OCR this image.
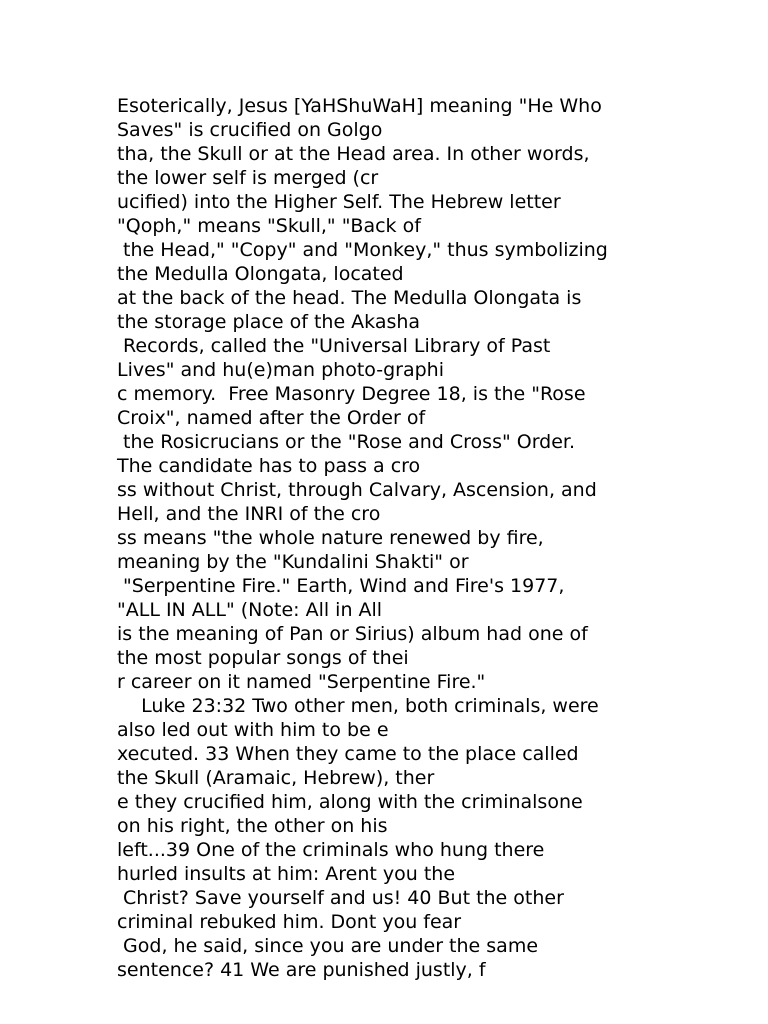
Esoterically, Jesus [YaHShuWaH] meaning "He Who
Saves" is crucified on Golgo
tha, the Skull or at the Head area. In other words,
the lower self is merged (cr
ucified) into the Higher Self. The Hebrew letter
"Qoph," means "Skull," "Back of
the Head," "Copy" and "Monkey," thus symbolizing
the Medulla Olongata, located
at the back of the head. The Medulla Olongata is
the storage place of the Akasha
Records, called the "Universal Library of Past
Lives" and hu(e)man photo-graphi
c memory.  Free Masonry Degree 18, is the "Rose
Croix", named after the Order of
the Rosicrucians or the "Rose and Cross" Order.
The candidate has to pass a cro
ss without Christ, through Calvary, Ascension, and
Hell, and the INRI of the cro
ss means "the whole nature renewed by fire,
meaning by the "Kundalini Shakti" or
"Serpentine Fire." Earth, Wind and Fire's 1977,
"ALL IN ALL" (Note: All in All
is the meaning of Pan or Sirius) album had one of
the most popular songs of thei
r career on it named "Serpentine Fire."
Luke 23:32 Two other men, both criminals, were
also led out with him to be e
xecuted. 33 When they came to the place called
the Skull (Aramaic, Hebrew), ther
e they crucified him, along with the criminalsone
on his right, the other on his
left...39 One of the criminals who hung there
hurled insults at him: Arent you the
Christ? Save yourself and us! 40 But the other
criminal rebuked him. Dont you fear
God, he said, since you are under the same
sentence? 41 We are punished justly, f
